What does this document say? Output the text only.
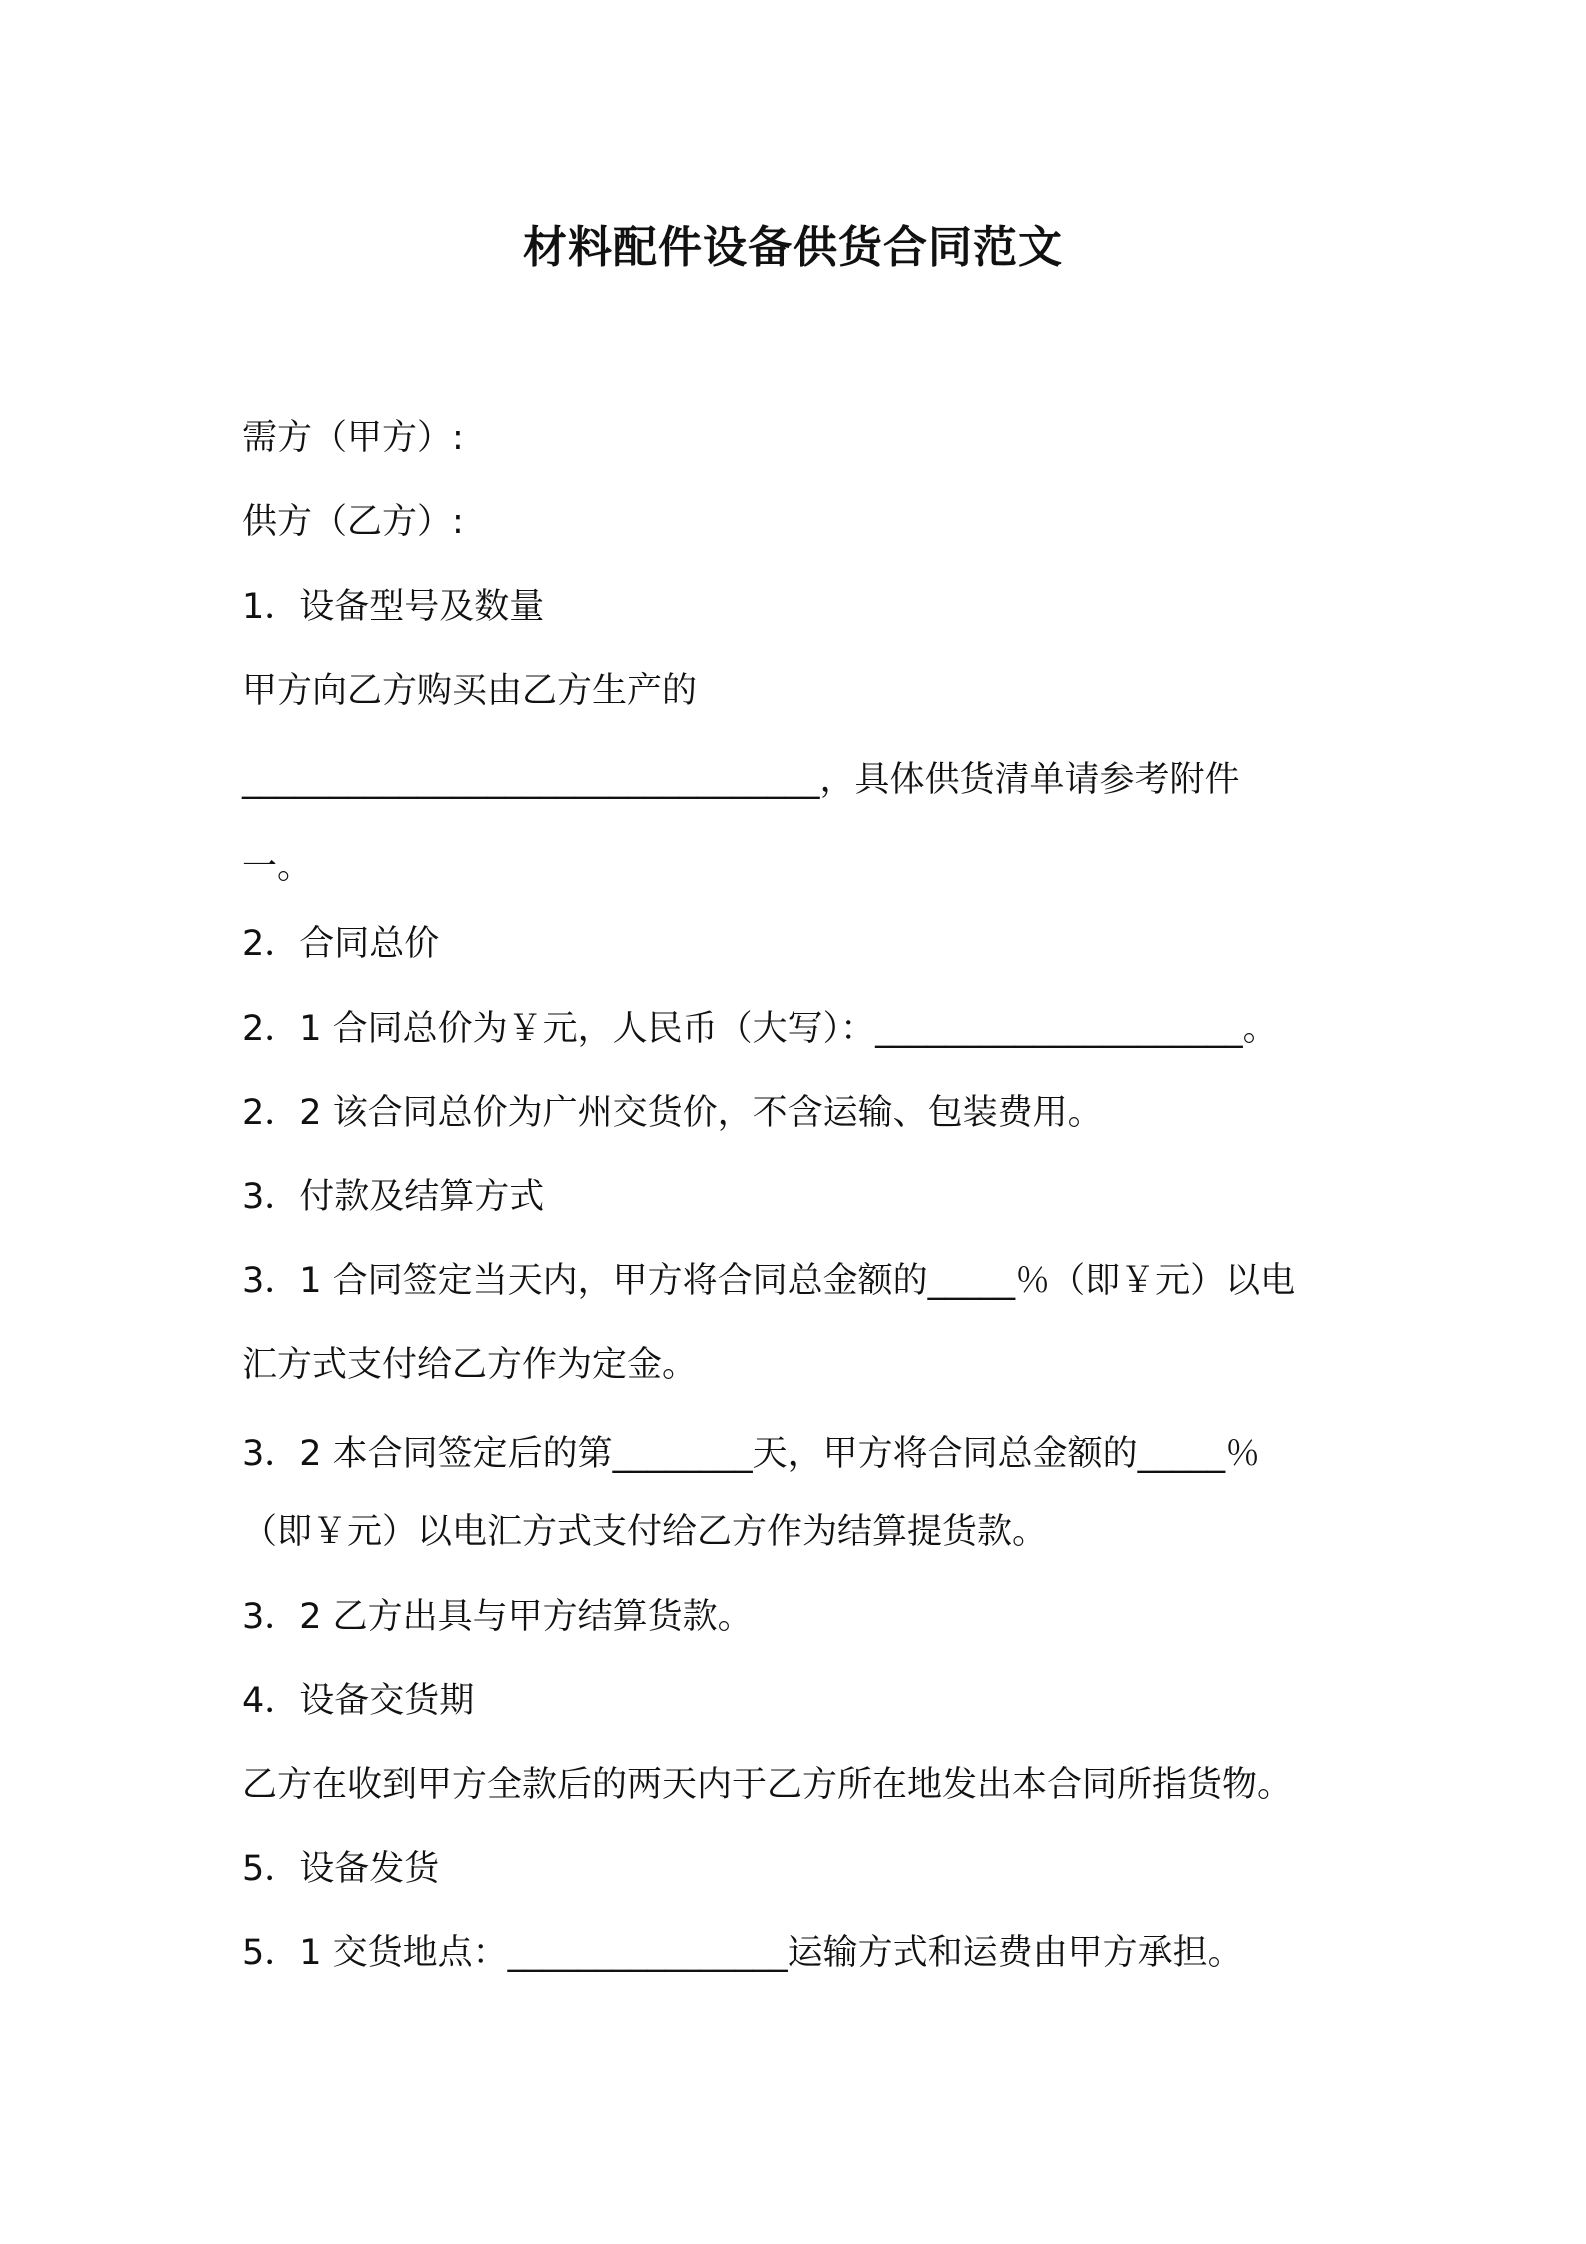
材料配件设备供货合同范文

需方（甲方）:

供方（乙方）:

1．设备型号及数量

甲方向乙方购买由乙方生产的

_________________________________，具体供货清单请参考附件

一。

2．合同总价

2．1 合同总价为￥元，人民币（大写）：_____________________。

2．2 该合同总价为广州交货价，不含运输、包装费用。

3．付款及结算方式

3．1 合同签定当天内，甲方将合同总金额的_____％（即￥元）以电

汇方式支付给乙方作为定金。

3．2 本合同签定后的第________天，甲方将合同总金额的_____％

（即￥元）以电汇方式支付给乙方作为结算提货款。

3．2 乙方出具与甲方结算货款。

4．设备交货期

乙方在收到甲方全款后的两天内于乙方所在地发出本合同所指货物。

5．设备发货

5．1 交货地点：________________运输方式和运费由甲方承担。
